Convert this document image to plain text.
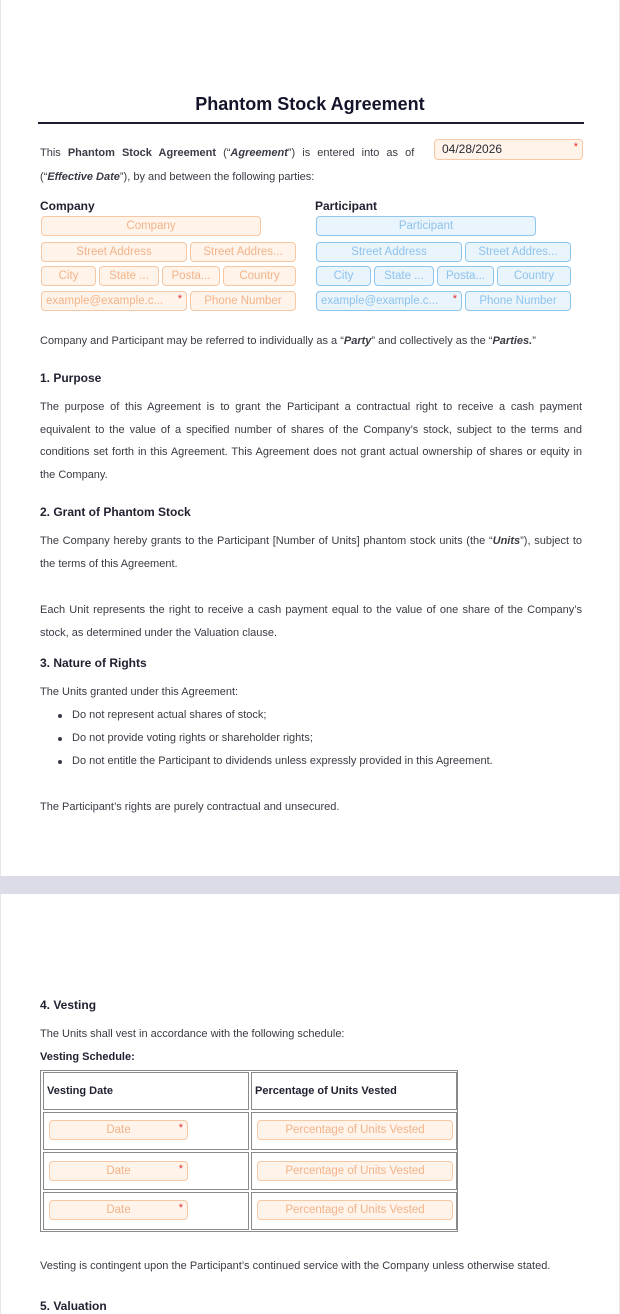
Phantom Stock Agreement
This Phantom Stock Agreement (“Agreement”) is entered into as of	04/28/2026	*
(“Effective Date”), by and between the following parties:
Company
Company
Street Address	Street Addres...
City	State ...	Posta...	Country
example@example.c... *	Phone Number
Participant
Participant
Street Address	Street Addres...
City	State ...	Posta...	Country
example@example.c... *	Phone Number
Company and Participant may be referred to individually as a “Party” and collectively as the “Parties.”
1. Purpose
The purpose of this Agreement is to grant the Participant a contractual right to receive a cash payment equivalent to the value of a specified number of shares of the Company’s stock, subject to the terms and conditions set forth in this Agreement. This Agreement does not grant actual ownership of shares or equity in the Company.
2. Grant of Phantom Stock
The Company hereby grants to the Participant [Number of Units] phantom stock units (the “Units”), subject to the terms of this Agreement.
Each Unit represents the right to receive a cash payment equal to the value of one share of the Company’s stock, as determined under the Valuation clause.
3. Nature of Rights
The Units granted under this Agreement:
Do not represent actual shares of stock;
Do not provide voting rights or shareholder rights;
Do not entitle the Participant to dividends unless expressly provided in this Agreement.
The Participant’s rights are purely contractual and unsecured.
4. Vesting
The Units shall vest in accordance with the following schedule:
Vesting Schedule:
Vesting Date	Percentage of Units Vested
Date	*	Percentage of Units Vested
Date	*	Percentage of Units Vested
Date	*	Percentage of Units Vested
Vesting is contingent upon the Participant’s continued service with the Company unless otherwise stated.
5. Valuation
